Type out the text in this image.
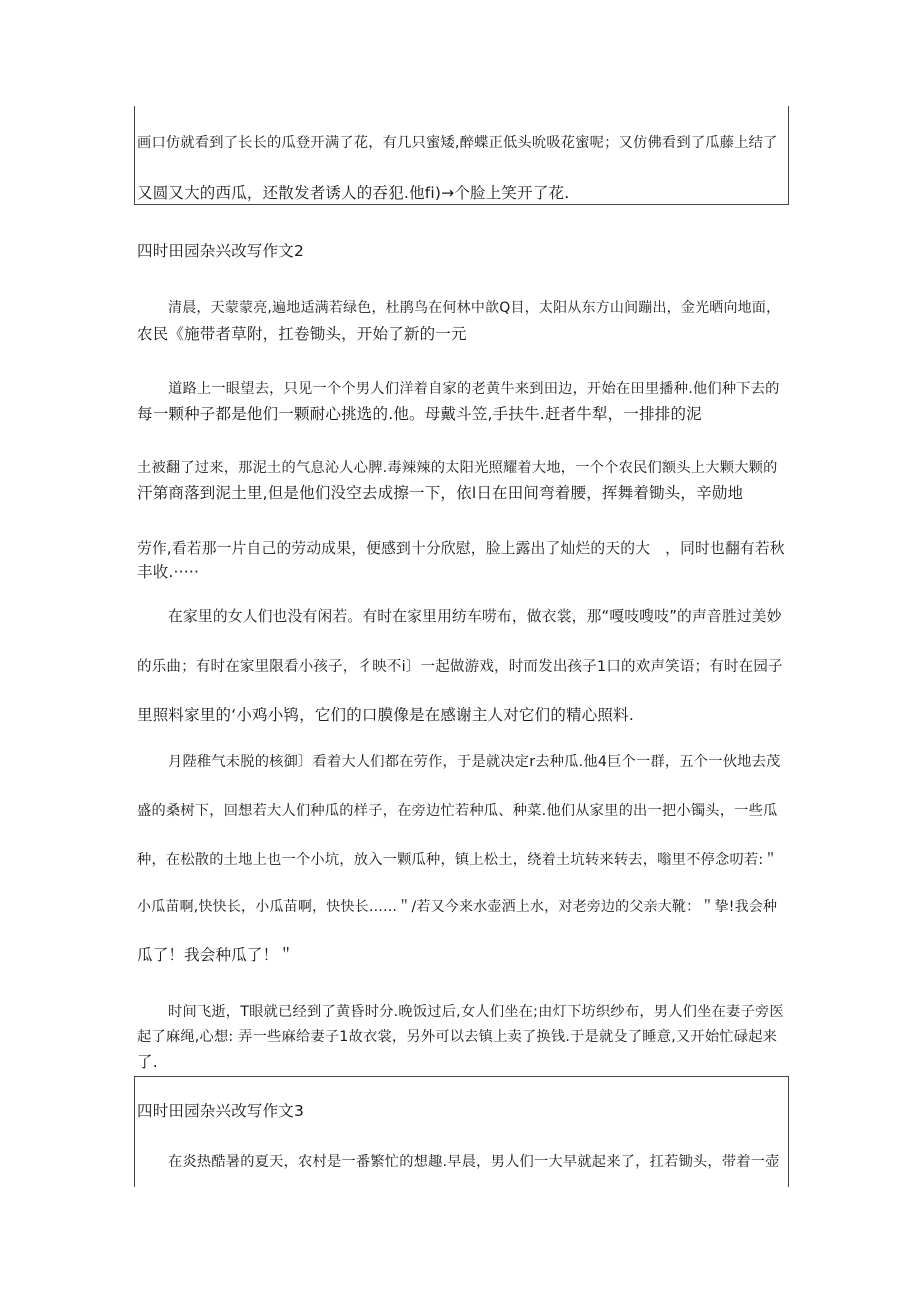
画口仿就看到了长长的瓜登开满了花，有几只蜜矮,醉蝶正低头吮吸花蜜呢；又仿佛看到了瓜藤上结了
又圆又大的西瓜，还散发者诱人的吞犯.他fi)→个脸上笑开了花.
四时田园杂兴改写作文2
清晨，天蒙蒙亮,遍地适满若绿色，杜鹃鸟在何林中歆Q目，太阳从东方山间蹦出，金光晒向地面，
农民《施带者草附，扛卷锄头，开始了新的一元
道路上一眼望去，只见一个个男人们洋着自家的老黄牛来到田边，开始在田里播种.他们种下去的
每一颗种子都是他们一颗耐心挑选的.他。母戴斗笠,手扶牛.赶者牛犁，一排排的泥
土被翻了过来，那泥土的气息沁人心脾.毒辣辣的太阳光照耀着大地，一个个农民们额头上大颗大颗的
汗第商落到泥土里,但是他们没空去成擦一下，依l日在田间弯着腰，挥舞着锄头，辛勋地
劳作,看若那一片自己的劳动成果，便感到十分欣慰，脸上露出了灿烂的天的大　，同时也翻有若秋
丰收.·····
在家里的女人们也没有闲若。有时在家里用纺车唠布，做衣裳，那“嘎吱嗖吱”的声音胜过美妙
的乐曲；有时在家里限看小孩子，彳映不i〕一起做游戏，时而发出孩子1口的欢声笑语；有时在园子
里照料家里的‘小鸡小鸨，它们的口膜像是在感谢主人对它们的精心照料.
月陛稚气未脱的核御〕看着大人们都在劳作，于是就决定r去种瓜.他4巨个一群，五个一伙地去茂
盛的桑树下，回想若大人们种瓜的样子，在旁边忙若种瓜、种菜.他们从家里的出一把小镯头，一些瓜
种，在松散的土地上也一个小坑，放入一颗瓜种，镇上松土，绕着土坑转来转去，嗡里不停念叨若:＂
小瓜苗啊,快快长，小瓜苗啊，快快长……＂/若又今来水壶洒上水，对老旁边的父亲大靴：＂挚!我会种
瓜了！我会种瓜了！＂
时间飞逝，T眼就已经到了黄昏时分.晚饭过后,女人们坐在;由灯下坊织纱布，男人们坐在妻子旁医
起了麻绳,心想: 弄一些麻给妻子1故衣裳，另外可以去镇上卖了换钱.于是就殳了睡意,又开始忙碌起来
了.
四时田园杂兴改写作文3
在炎热酷暑的夏天，农村是一番繁忙的想趣.早晨，男人们一大早就起来了，扛若锄头，带着一壶
